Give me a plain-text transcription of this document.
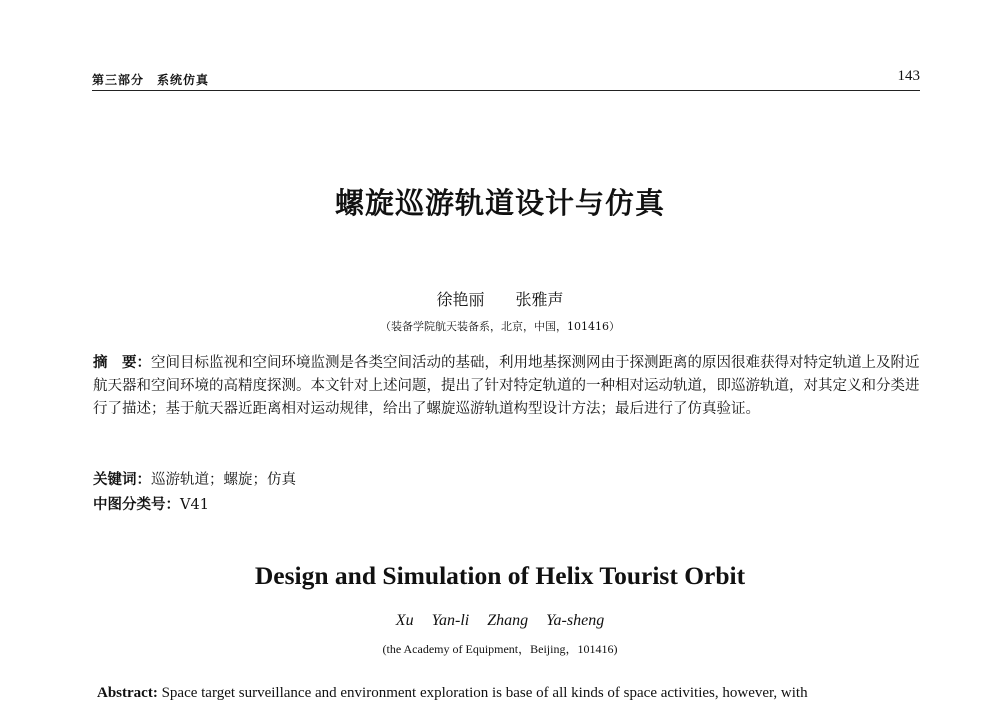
第三部分　系统仿真	143
螺旋巡游轨道设计与仿真
徐艳丽 张雅声
（装备学院航天装备系，北京，中国，101416）
摘　要：空间目标监视和空间环境监测是各类空间活动的基础，利用地基探测网由于探测距离的原因很难获得对特定轨道上及附近航天器和空间环境的高精度探测。本文针对上述问题，提出了针对特定轨道的一种相对运动轨道，即巡游轨道，对其定义和分类进行了描述；基于航天器近距离相对运动规律，给出了螺旋巡游轨道构型设计方法；最后进行了仿真验证。
关键词：巡游轨道；螺旋；仿真
中图分类号：V41
Design and Simulation of Helix Tourist Orbit
Xu Yan-li Zhang Ya-sheng
(the Academy of Equipment，Beijing，101416)
Abstract: Space target surveillance and environment exploration is base of all kinds of space activities, however, with
